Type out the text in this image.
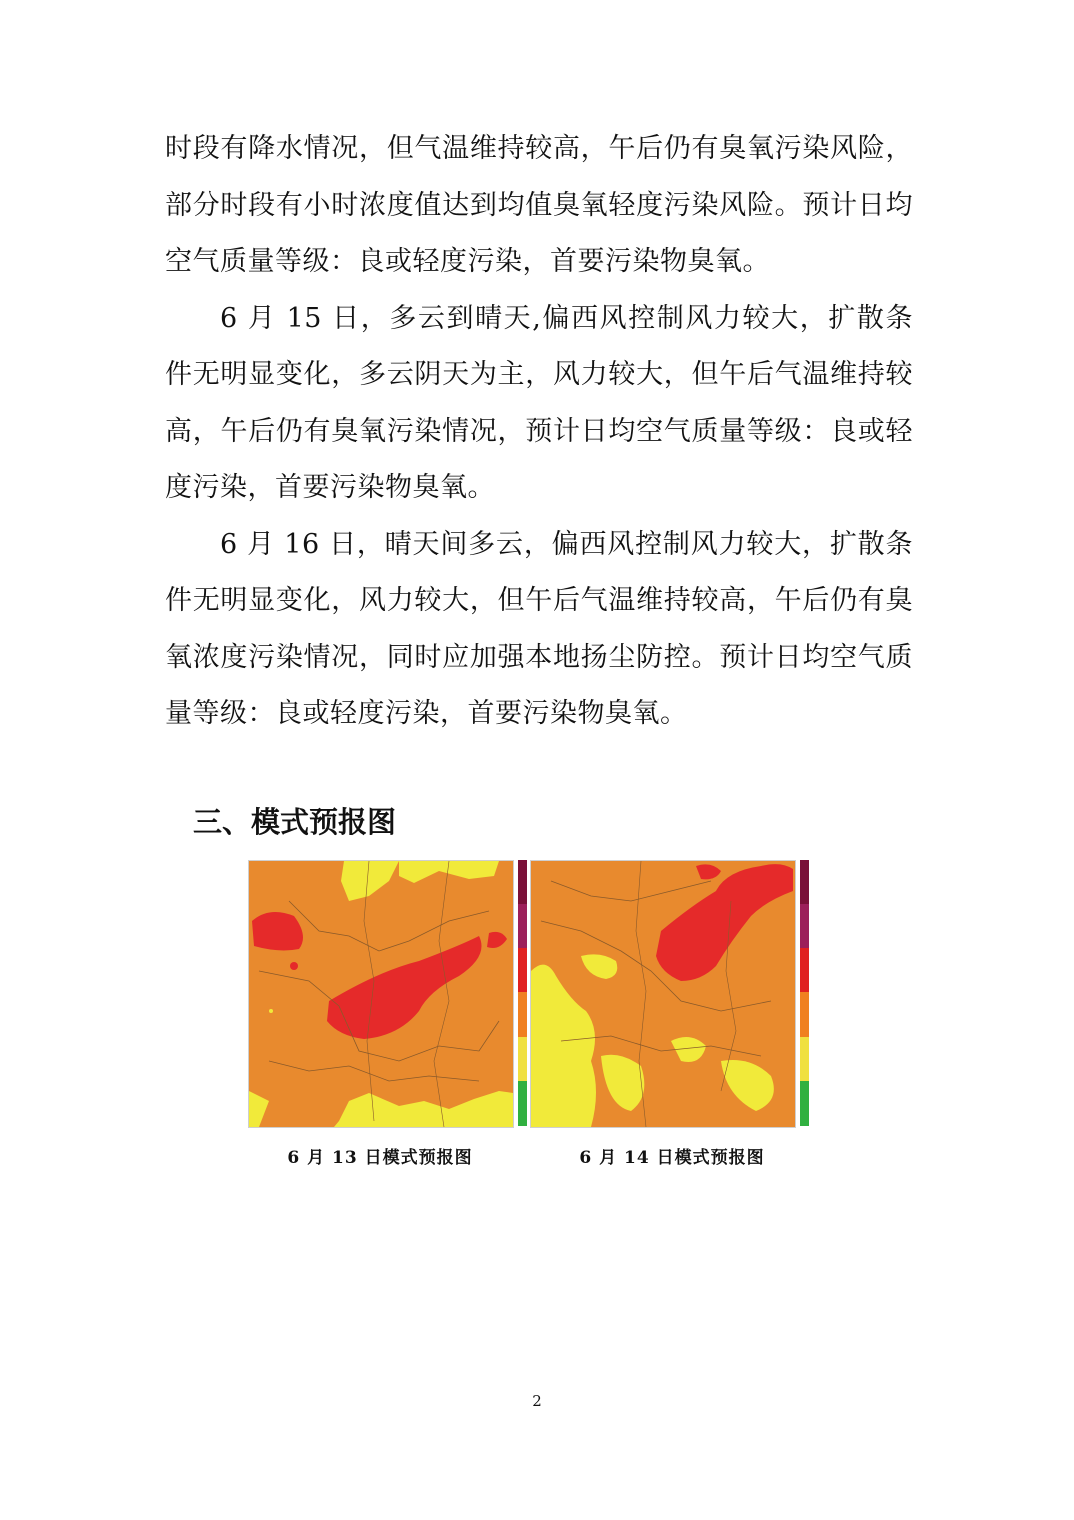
时段有降水情况，但气温维持较高，午后仍有臭氧污染风险，部分时段有小时浓度值达到均值臭氧轻度污染风险。预计日均空气质量等级：良或轻度污染，首要污染物臭氧。

6 月 15 日，多云到晴天,偏西风控制风力较大，扩散条件无明显变化，多云阴天为主，风力较大，但午后气温维持较高，午后仍有臭氧污染情况，预计日均空气质量等级：良或轻度污染，首要污染物臭氧。

6 月 16 日，晴天间多云，偏西风控制风力较大，扩散条件无明显变化，风力较大，但午后气温维持较高，午后仍有臭氧浓度污染情况，同时应加强本地扬尘防控。预计日均空气质量等级：良或轻度污染，首要污染物臭氧。

三、模式预报图
6 月 13 日模式预报图	6 月 14 日模式预报图
2
